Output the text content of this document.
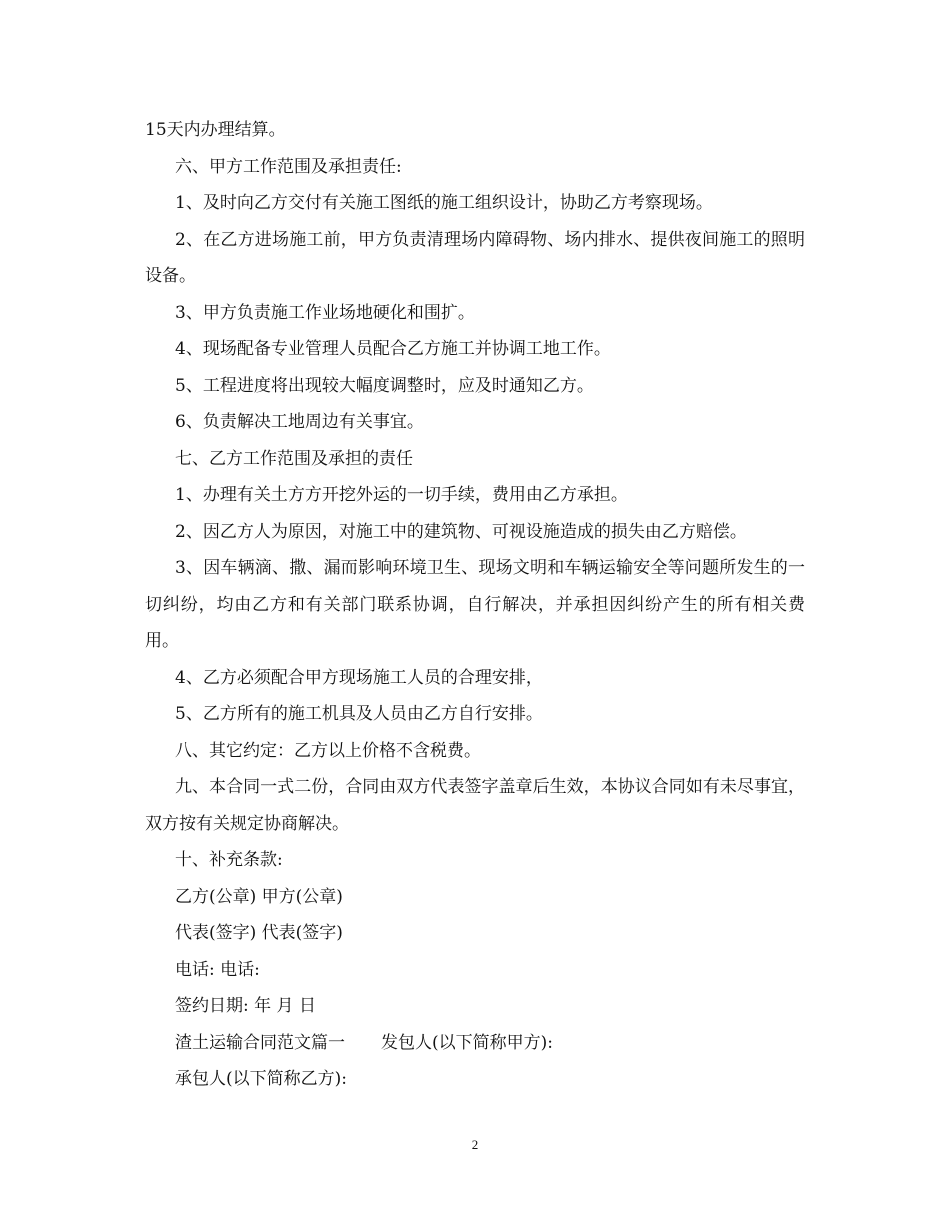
15天内办理结算。

六、甲方工作范围及承担责任:

1、及时向乙方交付有关施工图纸的施工组织设计，协助乙方考察现场。

2、在乙方进场施工前，甲方负责清理场内障碍物、场内排水、提供夜间施工的照明设备。

3、甲方负责施工作业场地硬化和围扩。

4、现场配备专业管理人员配合乙方施工并协调工地工作。

5、工程进度将出现较大幅度调整时，应及时通知乙方。

6、负责解决工地周边有关事宜。

七、乙方工作范围及承担的责任

1、办理有关土方方开挖外运的一切手续，费用由乙方承担。

2、因乙方人为原因，对施工中的建筑物、可视设施造成的损失由乙方赔偿。

3、因车辆滴、撒、漏而影响环境卫生、现场文明和车辆运输安全等问题所发生的一切纠纷，均由乙方和有关部门联系协调，自行解决，并承担因纠纷产生的所有相关费用。

4、乙方必须配合甲方现场施工人员的合理安排，

5、乙方所有的施工机具及人员由乙方自行安排。

八、其它约定：乙方以上价格不含税费。

九、本合同一式二份，合同由双方代表签字盖章后生效，本协议合同如有未尽事宜，双方按有关规定协商解决。

十、补充条款:

乙方(公章) 甲方(公章)

代表(签字) 代表(签字)

电话: 电话:

签约日期: 年 月 日

渣土运输合同范文篇一 发包人(以下简称甲方):

承包人(以下简称乙方):

2
